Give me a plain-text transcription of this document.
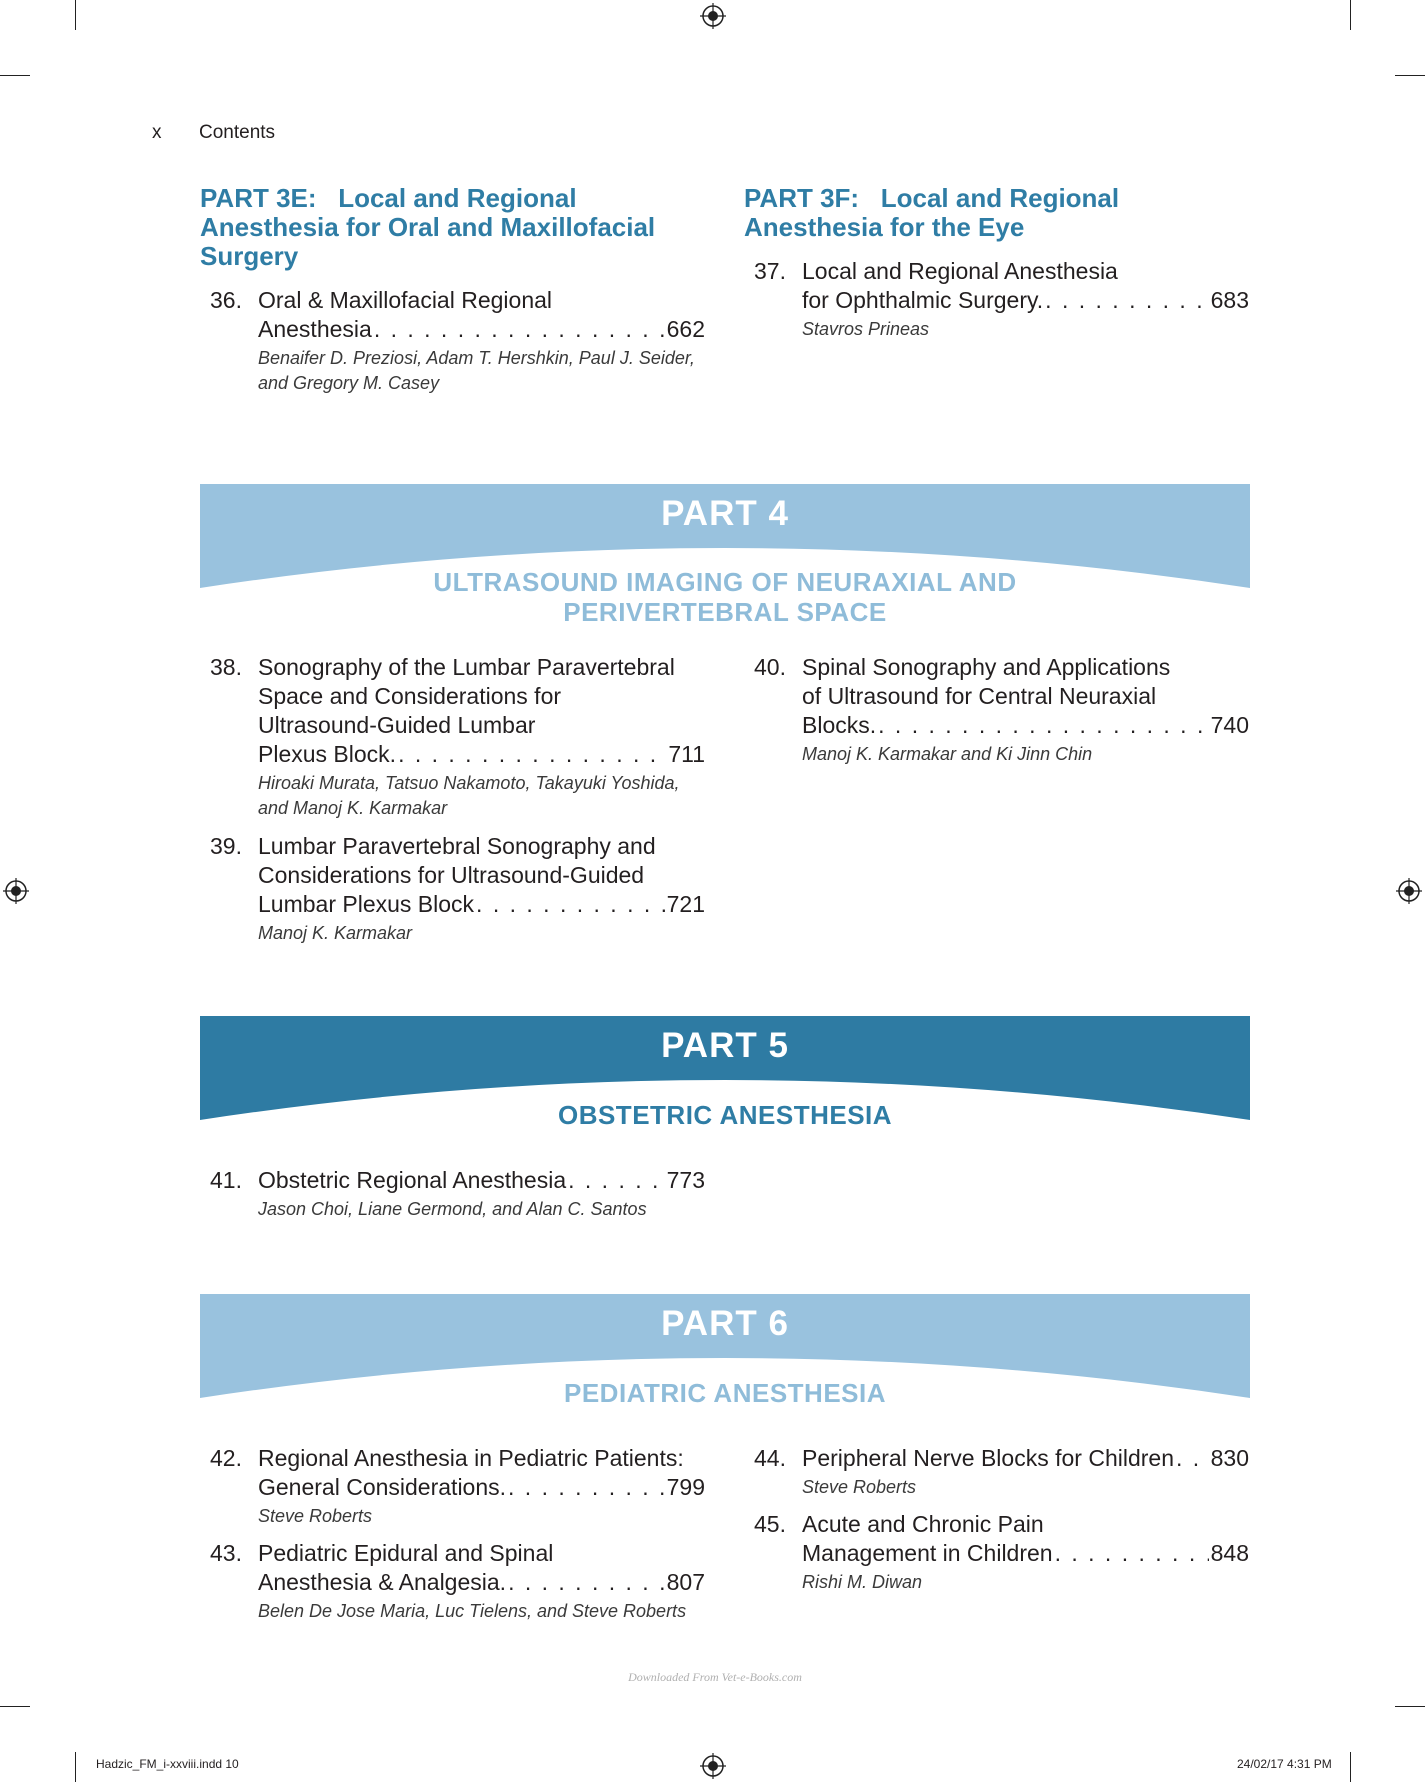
x Contents
PART 3E: Local and Regional
Anesthesia for Oral and Maxillofacial
Surgery
36. Oral & Maxillofacial Regional
Anesthesia . . .	662
Benaifer D. Preziosi, Adam T. Hershkin, Paul J. Seider,
and Gregory M. Casey
PART 3F: Local and Regional
Anesthesia for the Eye
37. Local and Regional Anesthesia
for Ophthalmic Surgery. . . .	683
Stavros Prineas
PART 4
ULTRASOUND IMAGING OF NEURAXIAL AND
PERIVERTEBRAL SPACE
38. Sonography of the Lumbar Paravertebral
Space and Considerations for
Ultrasound-Guided Lumbar
Plexus Block. . . .	711
Hiroaki Murata, Tatsuo Nakamoto, Takayuki Yoshida,
and Manoj K. Karmakar
39. Lumbar Paravertebral Sonography and
Considerations for Ultrasound-Guided
Lumbar Plexus Block . . .	721
Manoj K. Karmakar
40. Spinal Sonography and Applications
of Ultrasound for Central Neuraxial
Blocks. . . .	740
Manoj K. Karmakar and Ki Jinn Chin
PART 5
OBSTETRIC ANESTHESIA
41. Obstetric Regional Anesthesia . . .	773
Jason Choi, Liane Germond, and Alan C. Santos
PART 6
PEDIATRIC ANESTHESIA
42. Regional Anesthesia in Pediatric Patients:
General Considerations. . . .	799
Steve Roberts
43. Pediatric Epidural and Spinal
Anesthesia & Analgesia. . . .	807
Belen De Jose Maria, Luc Tielens, and Steve Roberts
44. Peripheral Nerve Blocks for Children . . . 830
Steve Roberts
45. Acute and Chronic Pain
Management in Children . . .	848
Rishi M. Diwan
Downloaded From Vet-e-Books.com
Hadzic_FM_i-xxviii.indd 10	24/02/17 4:31 PM
